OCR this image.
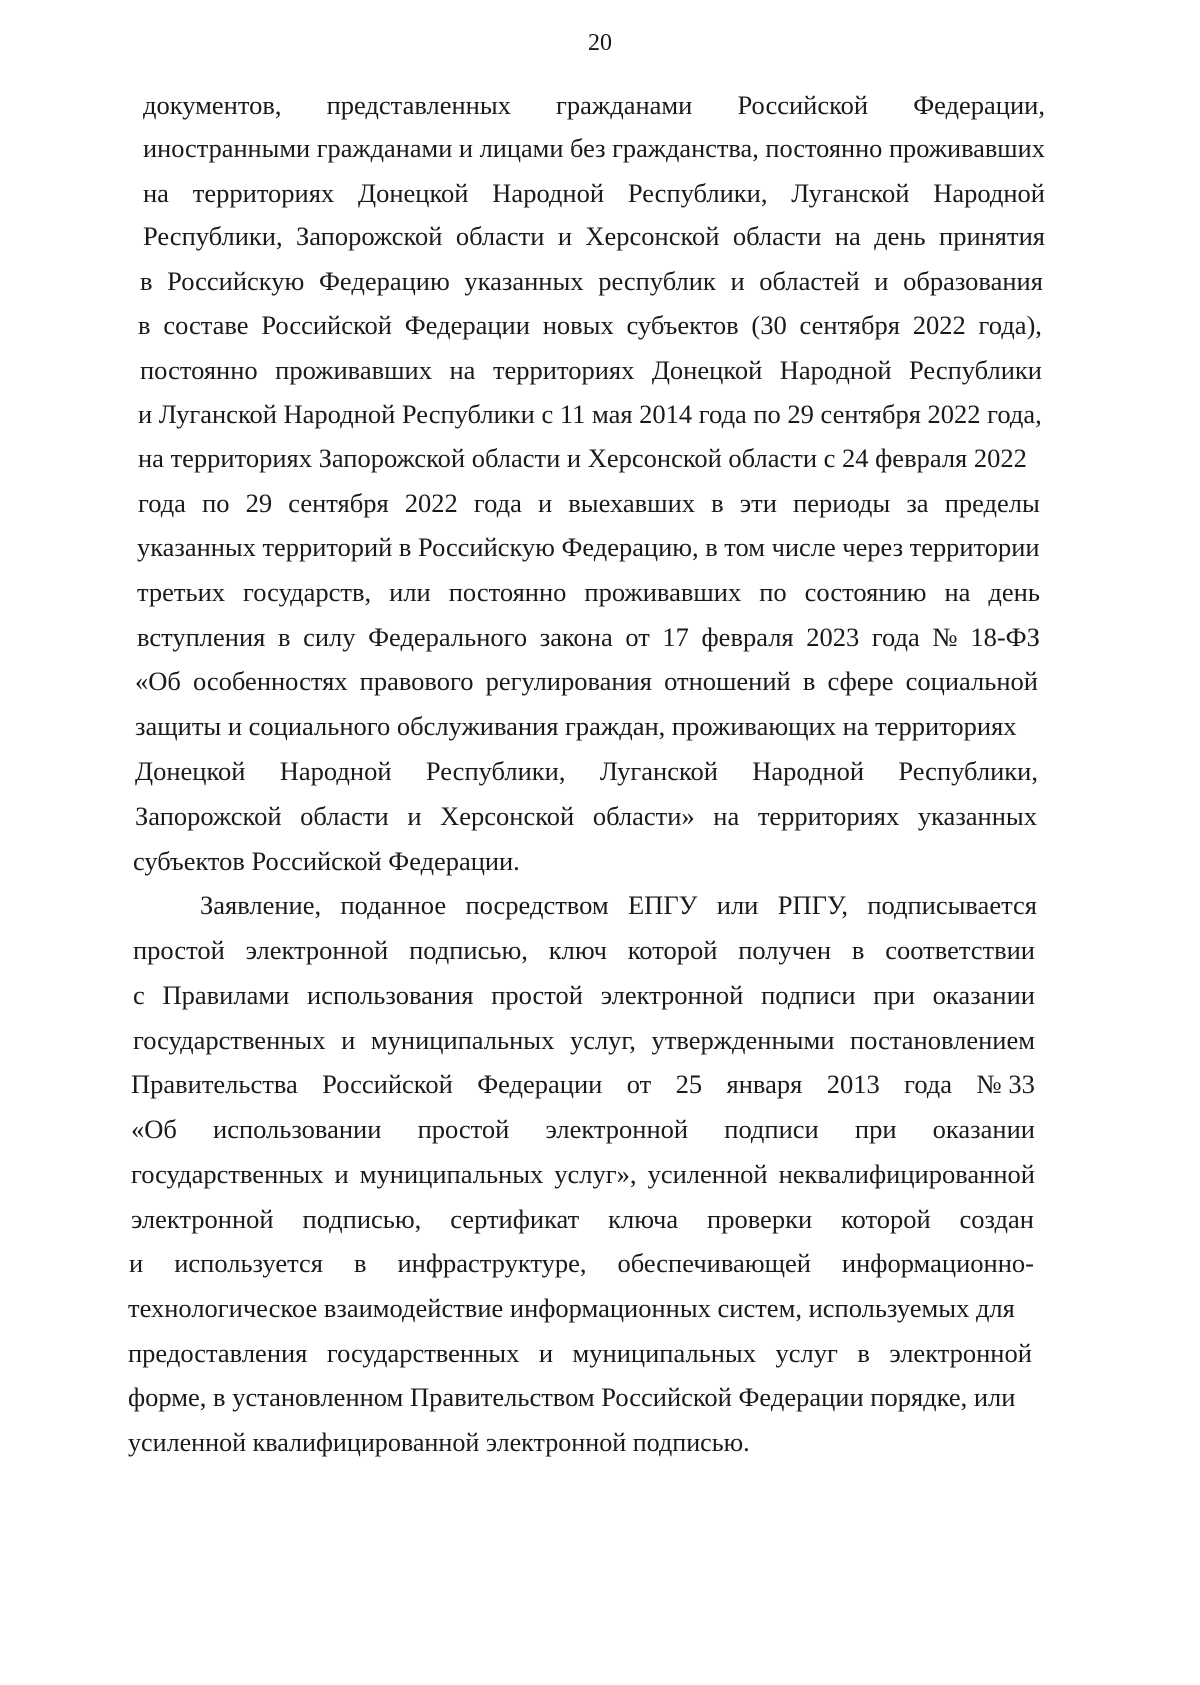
20
документов, представленных гражданами Российской Федерации,
иностранными гражданами и лицами без гражданства, постоянно проживавших
на территориях Донецкой Народной Республики, Луганской Народной
Республики, Запорожской области и Херсонской области на день принятия
в Российскую Федерацию указанных республик и областей и образования
в составе Российской Федерации новых субъектов (30 сентября 2022 года),
постоянно проживавших на территориях Донецкой Народной Республики
и Луганской Народной Республики с 11 мая 2014 года по 29 сентября 2022 года,
на территориях Запорожской области и Херсонской области с 24 февраля 2022
года по 29 сентября 2022 года и выехавших в эти периоды за пределы
указанных территорий в Российскую Федерацию, в том числе через территории
третьих государств, или постоянно проживавших по состоянию на день
вступления в силу Федерального закона от 17 февраля 2023 года № 18-ФЗ
«Об особенностях правового регулирования отношений в сфере социальной
защиты и социального обслуживания граждан, проживающих на территориях
Донецкой Народной Республики, Луганской Народной Республики,
Запорожской области и Херсонской области» на территориях указанных
субъектов Российской Федерации.
Заявление, поданное посредством ЕПГУ или РПГУ, подписывается
простой электронной подписью, ключ которой получен в соответствии
с Правилами использования простой электронной подписи при оказании
государственных и муниципальных услуг, утвержденными постановлением
Правительства Российской Федерации от 25 января 2013 года № 33
«Об использовании простой электронной подписи при оказании
государственных и муниципальных услуг», усиленной неквалифицированной
электронной подписью, сертификат ключа проверки которой создан
и используется в инфраструктуре, обеспечивающей информационно-
технологическое взаимодействие информационных систем, используемых для
предоставления государственных и муниципальных услуг в электронной
форме, в установленном Правительством Российской Федерации порядке, или
усиленной квалифицированной электронной подписью.
